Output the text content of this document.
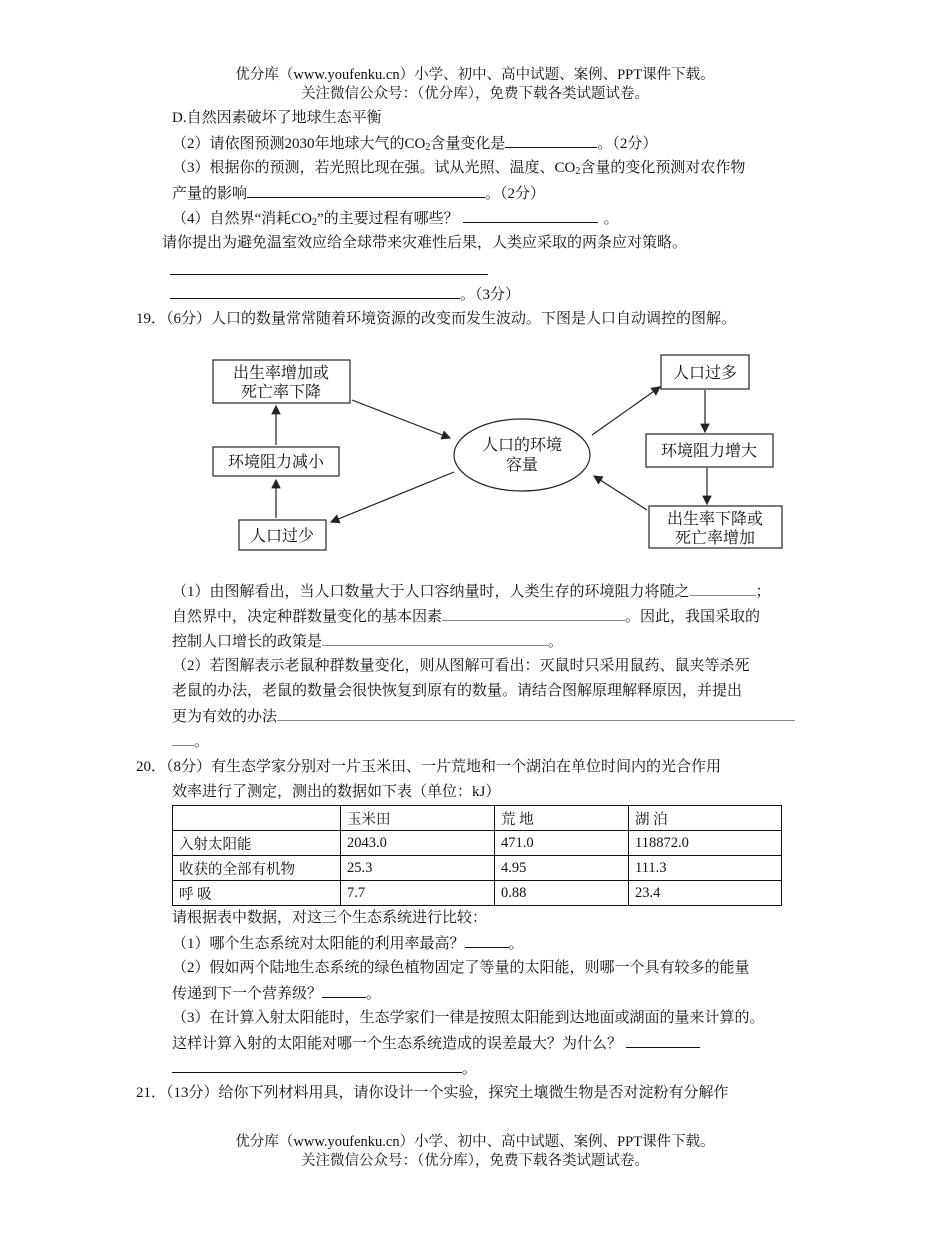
优分库（www.youfenku.cn）小学、初中、高中试题、案例、PPT课件下载。
关注微信公众号：（优分库），免费下载各类试题试卷。
D.自然因素破坏了地球生态平衡
（2）请依图预测2030年地球大气的$CO_2$含量变化是	。（2分）
（3）根据你的预测，若光照比现在强。试从光照、温度、$CO_2$含量的变化预测对农作物
产量的影响	。（2分）
（4）自然界“消耗$CO_2$”的主要过程有哪些？	。
请你提出为避免温室效应给全球带来灾难性后果，人类应采取的两条应对策略。
。（3分）
19．（6分）人口的数量常常随着环境资源的改变而发生波动。下图是人口自动调控的图解。
出生率增加或
死亡率下降
环境阻力减小
人口过少
人口的环境
容量
人口过多
环境阻力增大
出生率下降或
死亡率增加
（1）由图解看出，当人口数量大于人口容纳量时，人类生存的环境阻力将随之	；
自然界中，决定种群数量变化的基本因素	。因此，我国采取的
控制人口增长的政策是	。
（2）若图解表示老鼠种群数量变化，则从图解可看出：灭鼠时只采用鼠药、鼠夹等杀死
老鼠的办法，老鼠的数量会很快恢复到原有的数量。请结合图解原理解释原因，并提出
更为有效的办法
。
20．（8分）有生态学家分别对一片玉米田、一片荒地和一个湖泊在单位时间内的光合作用
效率进行了测定，测出的数据如下表（单位：kJ）
	玉米田	荒 地	湖 泊
入射太阳能	2043.0	471.0	118872.0
收获的全部有机物	25.3	4.95	111.3
呼 吸	7.7	0.88	23.4
请根据表中数据，对这三个生态系统进行比较：
（1）哪个生态系统对太阳能的利用率最高？	。
（2）假如两个陆地生态系统的绿色植物固定了等量的太阳能，则哪一个具有较多的能量
传递到下一个营养级？	。
（3）在计算入射太阳能时，生态学家们一律是按照太阳能到达地面或湖面的量来计算的。
这样计算入射的太阳能对哪一个生态系统造成的误差最大？为什么？
。
21．（13分）给你下列材料用具，请你设计一个实验，探究土壤微生物是否对淀粉有分解作
优分库（www.youfenku.cn）小学、初中、高中试题、案例、PPT课件下载。
关注微信公众号：（优分库），免费下载各类试题试卷。
